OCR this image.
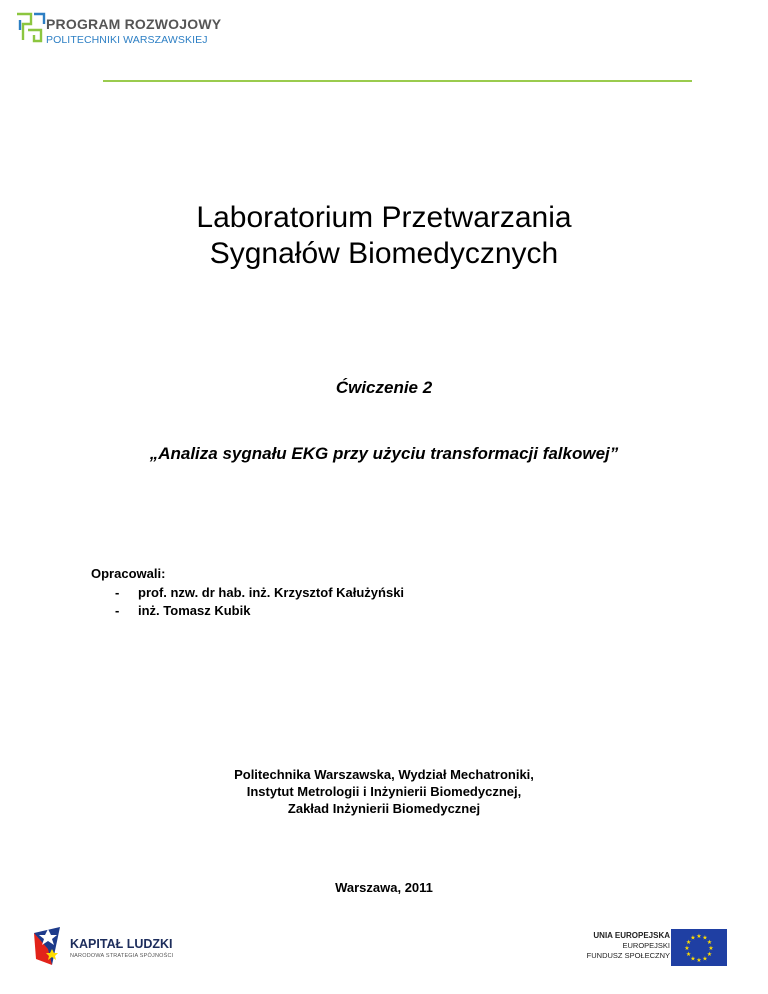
PROGRAM ROZWOJOWY
POLITECHNIKI WARSZAWSKIEJ
Laboratorium Przetwarzania
Sygnałów Biomedycznych
Ćwiczenie 2
„Analiza sygnału EKG przy użyciu transformacji falkowej”
Opracowali:
- prof. nzw. dr hab. inż. Krzysztof Kałużyński
- inż. Tomasz Kubik
Politechnika Warszawska, Wydział Mechatroniki,
Instytut Metrologii i Inżynierii Biomedycznej,
Zakład Inżynierii Biomedycznej
Warszawa, 2011
KAPITAŁ LUDZKI
NARODOWA STRATEGIA SPÓJNOŚCI
UNIA EUROPEJSKA
EUROPEJSKI
FUNDUSZ SPOŁECZNY
★ ★
★
★
★
★
★
★
★
★
★
★
